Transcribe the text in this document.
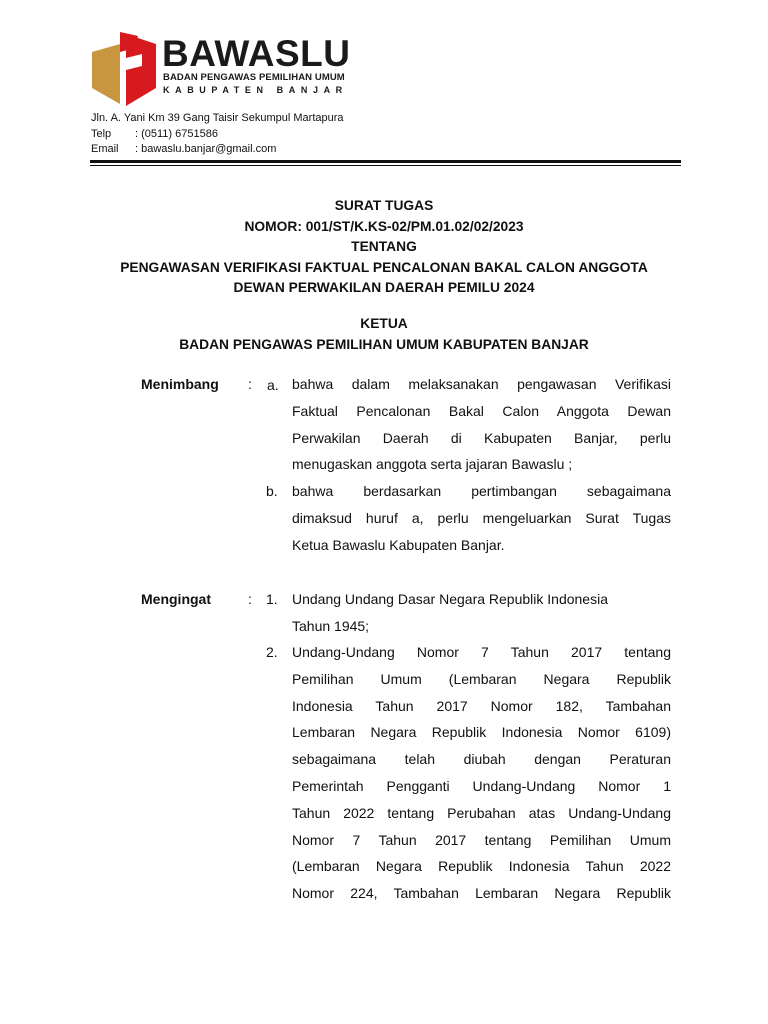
BAWASLU
BADAN PENGAWAS PEMILIHAN UMUM
KABUPATEN BANJAR
Jln. A. Yani Km 39 Gang Taisir Sekumpul Martapura
Telp	: (0511) 6751586
Email	: bawaslu.banjar@gmail.com
SURAT TUGAS
NOMOR: 001/ST/K.KS-02/PM.01.02/02/2023
TENTANG
PENGAWASAN VERIFIKASI FAKTUAL PENCALONAN BAKAL CALON ANGGOTA
DEWAN PERWAKILAN DAERAH PEMILU 2024
KETUA
BADAN PENGAWAS PEMILIHAN UMUM KABUPATEN BANJAR
Menimbang : a. bahwa dalam melaksanakan pengawasan Verifikasi
Faktual Pencalonan Bakal Calon Anggota Dewan
Perwakilan Daerah di Kabupaten Banjar, perlu
menugaskan anggota serta jajaran Bawaslu ;
b. bahwa berdasarkan pertimbangan sebagaimana
dimaksud huruf a, perlu mengeluarkan Surat Tugas
Ketua Bawaslu Kabupaten Banjar.
Mengingat	: 1. Undang Undang Dasar Negara Republik Indonesia
Tahun 1945;
2. Undang-Undang Nomor 7 Tahun 2017 tentang
Pemilihan Umum (Lembaran Negara Republik
Indonesia Tahun 2017 Nomor 182, Tambahan
Lembaran Negara Republik Indonesia Nomor 6109)
sebagaimana telah diubah dengan Peraturan
Pemerintah Pengganti Undang-Undang Nomor 1
Tahun 2022 tentang Perubahan atas Undang-Undang
Nomor 7 Tahun 2017 tentang Pemilihan Umum
(Lembaran Negara Republik Indonesia Tahun 2022
Nomor 224, Tambahan Lembaran Negara Republik
